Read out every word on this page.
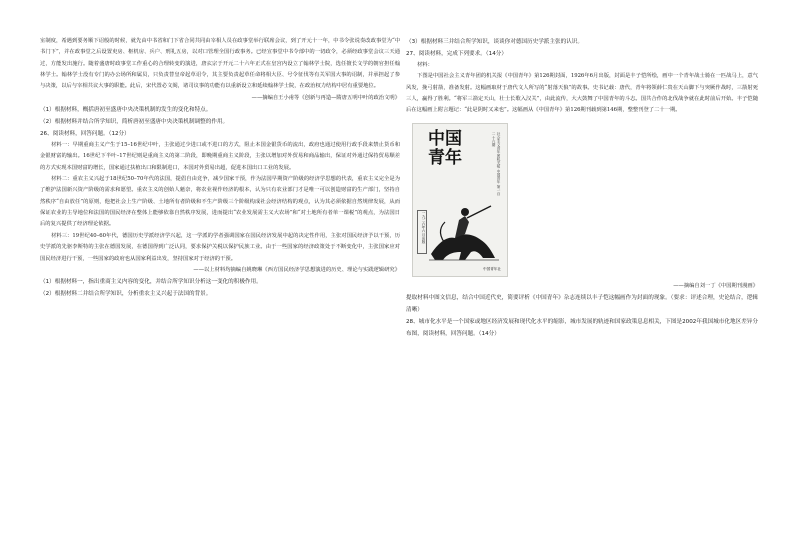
室制度，希遇到要务顺下诏般的时候，就先由中书省和门下省合同共同由宰相人员在政事堂举行联席会议，到了开元十一年，中书令张说奏改政事堂为“中书门下”，并在政事堂之后设置吏房、枢机房、兵户、刑礼五房，以对口管理全国行政事务。已经宣事堂中书令部中的一切政令，必须经政事堂会议三天通过，方能发出施行。随着盛唐时政事堂工作重心的合理转变的演进，唐玄宗于开元二十六年正式在皇宫内设立了翰林学士院，选任擅长文学的朝官担任翰林学士。翰林学士没有专门的办公场所和属员，只负责替皇帝起草诏令，其主要负责起草任命将相大臣、号令征伐等有关军国大事的诏制，并承担起了参与决策，以后与宰相共议大事的职能。此后，宋代置必文阁，诸司议事的功能有以重新设立和延续翰林学士院，在政治权力结构中居有重要地位。

——摘编自王小甫等《创新与再造—隋唐五明中叶的政治文明》

（1）根据材料，概括唐初至盛唐中央决策机制的发生的变化和特点。

（2）根据材料并结合所学知识，简析唐初至盛唐中央决策机制调整的作用。

26、阅读材料，回答问题。（12分）

材料一：早期重商主义产生于15–16世纪中叶，主张通过少进口或不进口的方式，阻止本国金银货币的流出，政府也通过使用行政手段来禁止货币和金银财富的输出。16世纪下半叶–17世纪则是重商主义的第二阶段，即晚期重商主义阶段，主张以增加对外贸易和商品输出，保证对外通过保持贸易顺差的方式实现本国财富的增长，国家通过扶植出口和限制进口，本国对外贸易出超，促进本国出口工业的发展。

材料二：重农主义兴起于18世纪50–70年代的法国，提倡自由竞争，减少国家干预，作为法国早期资产阶级的经济学思想的代表，重农主义完全是为了维护法国新兴资产阶级的需求和愿望。重农主义的创始人魁奈，将农业视作经济的根本，认为只有农业部门才是唯一可以创造财富的生产部门，坚持自然秩序“自由放任”的原则，他把社会上生产阶级、土地所有者阶级和不生产阶级三个阶级构成社会经济结构的观点，认为其必须依据自然规律发展，从而保证农业的主导地位和法国的国民经济在整体上能够依靠自然秩序发展，进而提出“农业发展需主义大农场”和“对土地所有者单一课税”的观点，为法国日后的复兴提供了经济理论依据。

材料三：19世纪40–60年代，德国历史学派经济学兴起，这一学派的学者强调国家在国民经济发展中起的决定性作用，主张对国民经济予以干预，历史学派的先驱李斯特的主张在德国发展，在德国得到广泛认同，要求保护关税以保护民族工业。由于一些国家的经济政策处于不断变化中，主张国家应对国民经济进行干预，一些国家的政府也从国家利益出发，坚持国家对于经济的干预。

——以上材料均摘编自姚晓琳《西方国民经济学思想演进的历史、理论与实践逻辑研究》

（1）根据材料一，指出重商主义内容的变化，并结合所学知识分析这一变化的积极作用。

（2）根据材料二并结合所学知识，分析重农主义兴起于法国的背景。

（3）根据材料三并结合所学知识，谈谈你对德国历史学派主张的认识。

27、阅读材料，完成下列要求。（14分）

材料：

下图是中国社会主义青年团的机关报《中国青年》第126期封面，1926年6月出版，封面是丰子恺所绘，画中一个青年战士骑在一匹战马上，意气风发，挽弓射箭，准备发射。这幅画取材于唐代文人所写的“射落天狼”的故事。史书记载：唐代，青年将领薛仁贵在天山脚下与突厥作战时，三箭射死三人，赢得了胜利。“将军三箭定天山，壮士长歌入汉关”，由此流传，大大鼓舞了中国青年的斗志。国共合作的北伐战争就在此时前后开始。丰子恺随后在这幅画上附言题记：“此是阴时又来也”。这幅画从《中国青年》第126期刊载到第146期，整整刊登了二十一期。

中国青年	社会主义青年团机关报 中国青年 第一百二十六期
一九二六年六月出版
中国青年社

——摘编自刘一丁《中国期刊漫画》

提取材料中图文信息，结合中国近代史，简要评析《中国青年》杂志连续以丰子恺这幅画作为封面的现象。（要求：评述合理，史论结合，逻辑清晰）

28、城市化水平是一个国家或地区经济发展和现代化水平的缩影，城市发展的轨迹和国家政策息息相关，下图是2002年我国城市化地区差异分布图，阅读材料，回答问题。（14分）
